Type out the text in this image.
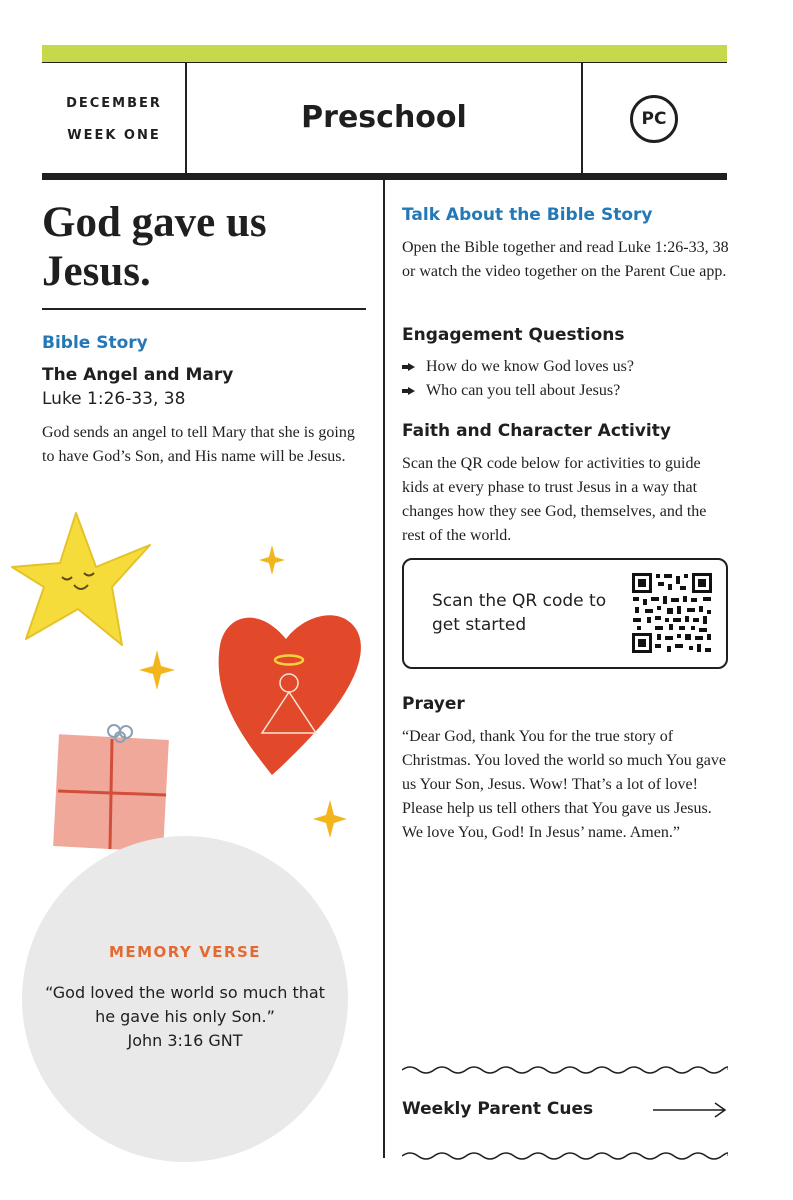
DECEMBER
WEEK ONE
Preschool	PC
God gave us Jesus.
Bible Story
The Angel and Mary
Luke 1:26-33, 38
God sends an angel to tell Mary that she is going to have God’s Son, and His name will be Jesus.
MEMORY VERSE
“God loved the world so much that he gave his only Son.”
John 3:16 GNT
Talk About the Bible Story
Open the Bible together and read Luke 1:26-33, 38 or watch the video together on the Parent Cue app.
Engagement Questions
How do we know God loves us?
Who can you tell about Jesus?
Faith and Character Activity
Scan the QR code below for activities to guide kids at every phase to trust Jesus in a way that changes how they see God, themselves, and the rest of the world.
Scan the QR code to get started
Prayer
“Dear God, thank You for the true story of Christmas. You loved the world so much You gave us Your Son, Jesus. Wow! That’s a lot of love! Please help us tell others that You gave us Jesus. We love You, God! In Jesus’ name. Amen.”
Weekly Parent Cues
